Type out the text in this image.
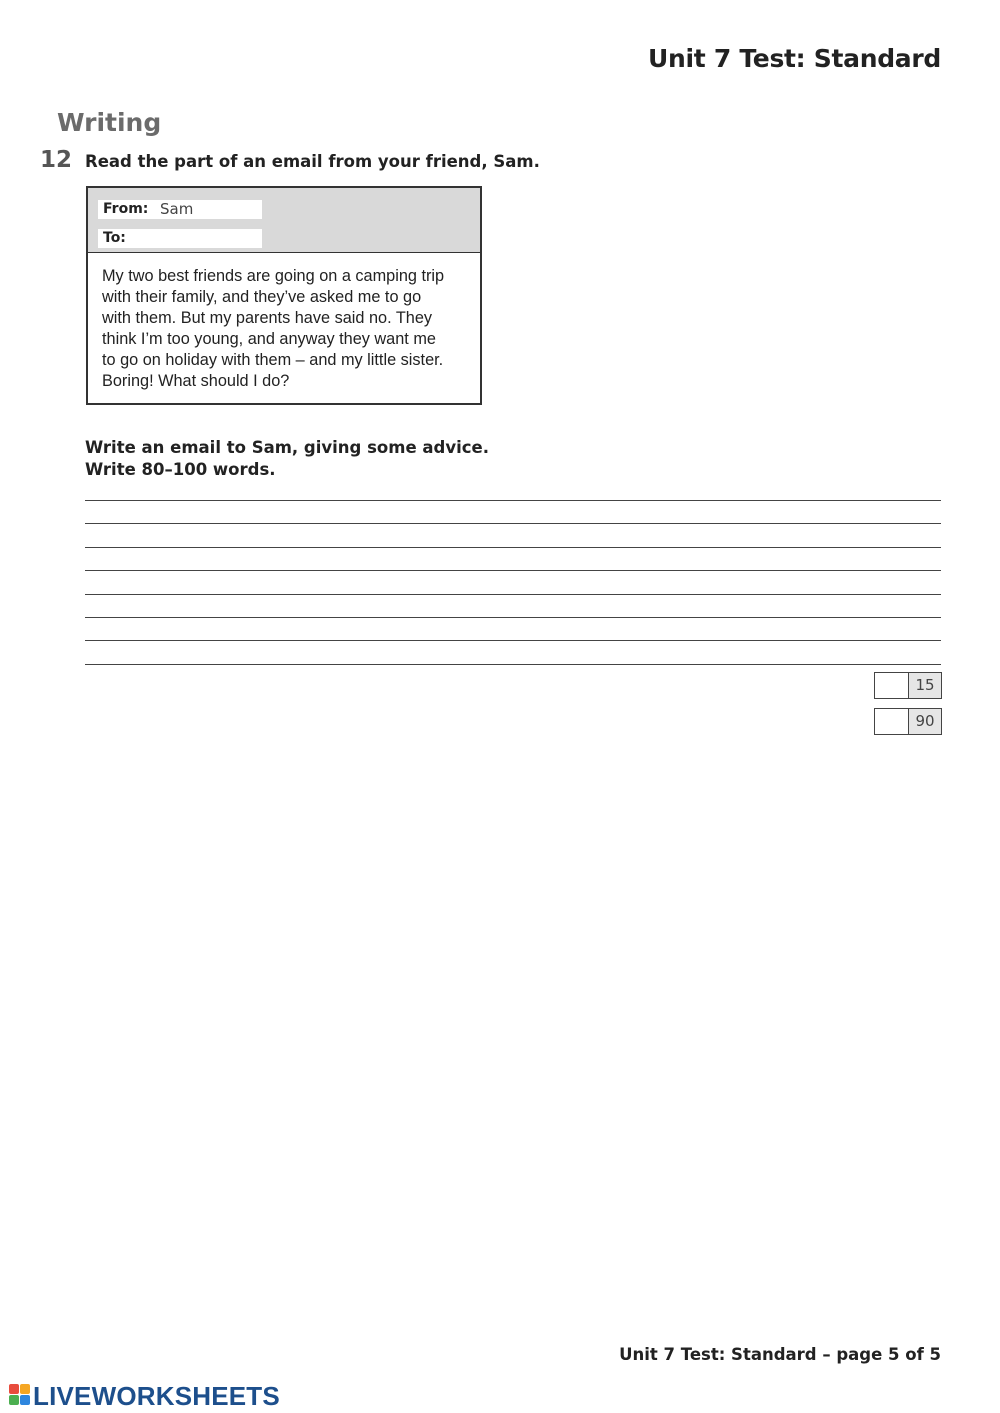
Unit 7 Test: Standard
Writing
12 Read the part of an email from your friend, Sam.
From: Sam
To:
My two best friends are going on a camping trip
with their family, and they’ve asked me to go
with them. But my parents have said no. They
think I’m too young, and anyway they want me
to go on holiday with them – and my little sister.
Boring! What should I do?
Write an email to Sam, giving some advice.
Write 80–100 words.
15
90
Unit 7 Test: Standard – page 5 of 5
LIVEWORKSHEETS
